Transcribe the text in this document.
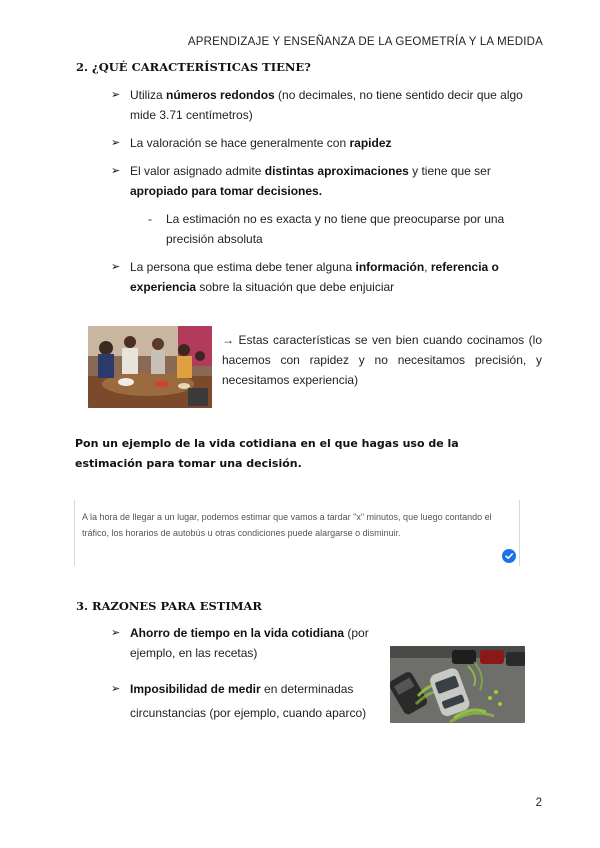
APRENDIZAJE Y ENSEÑANZA DE LA GEOMETRÍA Y LA MEDIDA
2. ¿QUÉ CARACTERÍSTICAS TIENE?
➢ Utiliza números redondos (no decimales, no tiene sentido decir que algo mide 3.71 centímetros)
➢ La valoración se hace generalmente con rapidez
➢ El valor asignado admite distintas aproximaciones y tiene que ser apropiado para tomar decisiones.
- La estimación no es exacta y no tiene que preocuparse por una precisión absoluta
➢ La persona que estima debe tener alguna información, referencia o experiencia sobre la situación que debe enjuiciar
→ Estas características se ven bien cuando cocinamos (lo hacemos con rapidez y no necesitamos precisión, y necesitamos experiencia)
Pon un ejemplo de la vida cotidiana en el que hagas uso de la estimación para tomar una decisión.
A la hora de llegar a un lugar, podemos estimar que vamos a tardar "x" minutos, que luego contando el tráfico, los horarios de autobús u otras condiciones puede alargarse o disminuir.
3. RAZONES PARA ESTIMAR
➢ Ahorro de tiempo en la vida cotidiana (por ejemplo, en las recetas)
➢ Imposibilidad de medir en determinadas circunstancias (por ejemplo, cuando aparco)
2
